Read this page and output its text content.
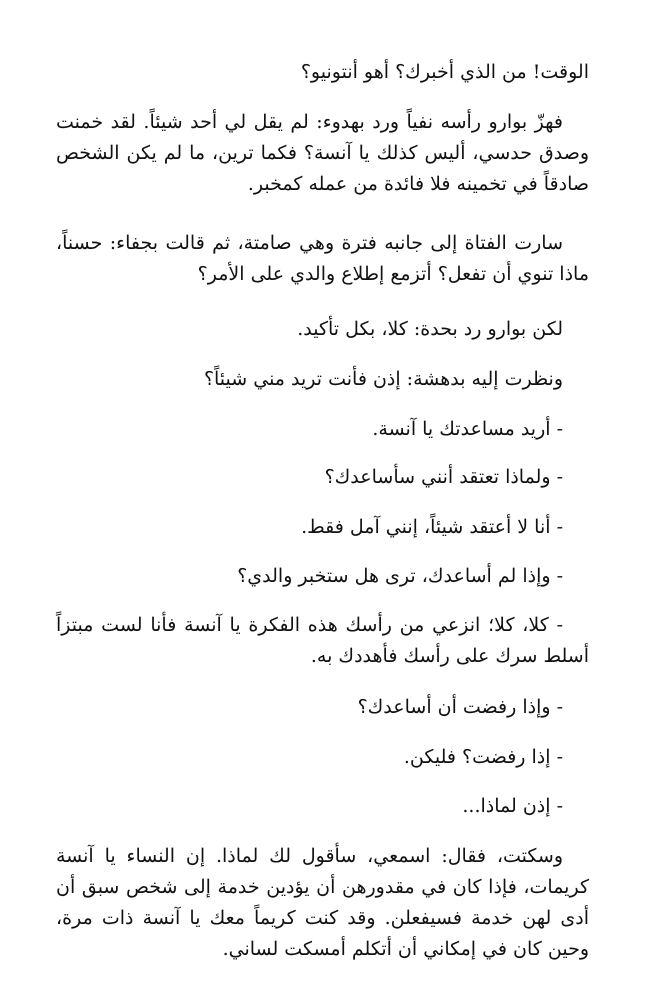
الوقت! من الذي أخبرك؟ أهو أنتونيو؟

فهزّ بوارو رأسه نفياً ورد بهدوء: لم يقل لي أحد شيئاً. لقد خمنت وصدق حدسي، أليس كذلك يا آنسة؟ فكما ترين، ما لم يكن الشخص صادقاً في تخمينه فلا فائدة من عمله كمخبر.

سارت الفتاة إلى جانبه فترة وهي صامتة، ثم قالت بجفاء: حسناً، ماذا تنوي أن تفعل؟ أتزمع إطلاع والدي على الأمر؟

لكن بوارو رد بحدة: كلا، بكل تأكيد.

ونظرت إليه بدهشة: إذن فأنت تريد مني شيئاً؟

- أريد مساعدتك يا آنسة.

- ولماذا تعتقد أنني سأساعدك؟

- أنا لا أعتقد شيئاً، إنني آمل فقط.

- وإذا لم أساعدك، ترى هل ستخبر والدي؟

- كلا، كلا؛ انزعي من رأسك هذه الفكرة يا آنسة فأنا لست مبتزاً أسلط سرك على رأسك فأهددك به.

- وإذا رفضت أن أساعدك؟

- إذا رفضت؟ فليكن.

- إذن لماذا...

وسكتت، فقال: اسمعي، سأقول لك لماذا. إن النساء يا آنسة كريمات، فإذا كان في مقدورهن أن يؤدين خدمة إلى شخص سبق أن أدى لهن خدمة فسيفعلن. وقد كنت كريماً معك يا آنسة ذات مرة، وحين كان في إمكاني أن أتكلم أمسكت لساني.
